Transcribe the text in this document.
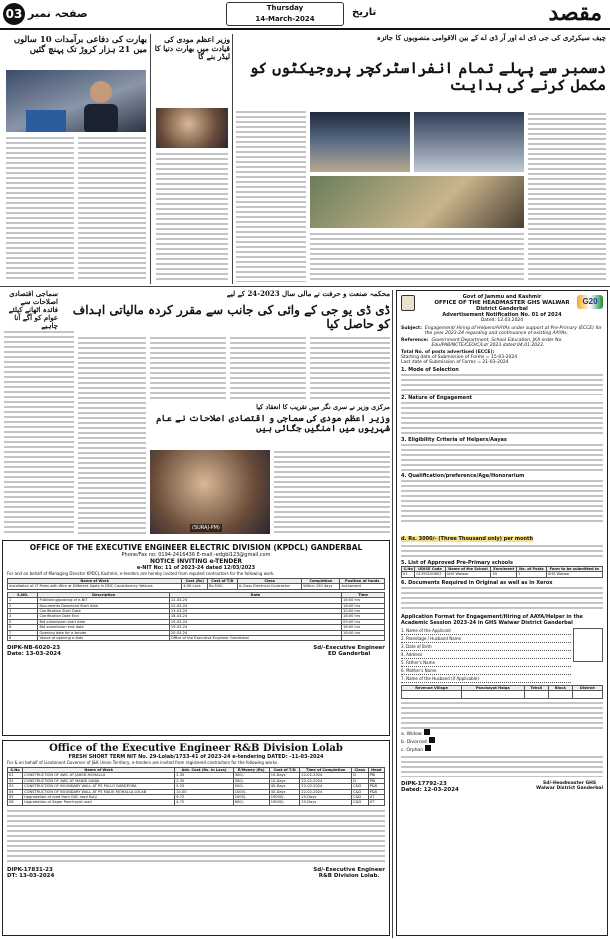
03 صفحہ نمبر	Thursday
14-March-2024
تاریخ	مقصد
بھارت کی دفاعی برآمدات 10 سالوں میں 21 ہزار کروڑ تک پہنچ گئیں
وزیر اعظم مودی کی قیادت میں بھارت دنیا کا لیڈر بنے گا
چیف سیکرٹری کی جی ڈی اے اور آر ڈی اے کے بین الاقوامی منصوبوں کا جائزہ
دسمبر سے پہلے تمام انفراسٹرکچر پروجیکٹوں کو مکمل کرنے کی ہدایت
محکمہ صنعت و حرفت نے مالی سال 2023-24 کے لیے
ڈی ڈی یو جی کے وائی کی جانب سے مقرر کردہ مالیاتی اہداف کو حاصل کیا
سماجی اقتصادی اصلاحات سے فائدہ اٹھانے کیلئے عوام کو آگے آنا چاہیے
مرکزی وزیر نے سری نگر میں تقریب کا انعقاد کیا
وزیر اعظم مودی کی سماجی و اقتصادی اصلاحات نے عام شہریوں میں امنگیں جگائی ہیں
(SURAJ-PM)
OFFICE OF THE EXECUTIVE ENGINEER ELECTRIC DIVISION (KPDCL) GANDERBAL
Phone/Fax no: 0194-2416436 E-mail:-edgbl123@gmail.com
NOTICE INVITING e-TENDER
e-NIT No: 11 of 2023-24 dated 12/03/2023
For and on behalf of Managing Director KPDCL Kashmir, e-tenders are hereby invited from reputed contractors for the following work.
Name of Work	Cost (Rs)	Cost of T/D	Class	Completion	Position of funds
Installation of LT Poles with Wire at Different Spots in DDC Constituency Wakura	4.90 Lacs	Rs.500/-	A-Class Electrical Contractor	Within 150 days	Authorized
S.NO.	Description	Date	Time
1	Publishing/posting of e-NIT	12-03-24	18:00 hrs
2	Documents Download Start date	12-03-24	18:00 hrs
3	Clarification Start Date	13-03-24	10:00 hrs
4	Clarification Date End	18-03-24	18:00 hrs
5	Bid submission start date	19-03-24	09:00 hrs
6	Bid submission end date	19-03-24	18:00 hrs
7	Opening date for e-tender	20-03-24	18:00 hrs
8	Venue of opening e-bids	Office of the Executive Engineer Ganderbal	
DIPK-NB-6020-23
Date: 13-03-2024
Sd/-Executive Engineer
ED Ganderbal
Office of the Executive Engineer R&B Division Lolab
FRESH SHORT TERM NIT No. 29-Lolab/1733-41 of 2023-24 e-tendering DATED: -11-03-2024
For & on behalf of Lieutenant Governor of J&K Union Territory, e-tenders are invited from registered contractors for the following works.
S.No	Name of Work	Adv. Cost (Rs. in Lacs)	E/Money (Rs)	Cost of T/D	Time of Completion	Class	Head
01	CONSTRUCTION OF AWC AT JAHED MOHALLA	2.35	300/-	10-Days	22-02-2024	D	PRI
02	CONSTRUCTION OF AWC AT MANDI SANJA	2.35	300/-	10-Days	22-02-2024	D	PRI
03	CONSTRUCTION OF BOUNDARY WALL AT PS PULLO DARDPORA	5.25	500/-	45-Days	22-02-2024	C&D	P&B
04	CONSTRUCTION OF BOUNDARY WALL AT PS MALIK MOHALLA LOLAB	10.00	1000/-	45-Days	22-02-2024	C&D	P&B
05	Upgradation of road from GAC road Kunj	9.72	1000/-	19000/-	25-Days	C&D	UT
06	Upgradation of Sagar Panchayat road	4.72	600/-	19000/-	25-Days	C&D	UT
DIPK-17831-23
DT: 13-03-2024
Sd/-Executive Engineer
R&B Division Lolab.
G20
Govt of Jammu and Kashmir
OFFICE OF THE HEADMASTER GHS WALWAR
District Ganderbal
Advertisement Notification No. 01 of 2024
Dated: 12.03.2024
Subject: Engagement/ Hiring of Helpers/AAYAs under support at Pre-Primary (ECCE) for the year 2023-24 regarding and continuance of existing AAYAs.
Reference: Government Department, School Education, JKA order No. Edu/PAB/NCTE/CEO/C/Ldr 2023 dated 04.01.2023.
Total No. of posts advertised (ECCE):
Starting date of Submission of Forms = 15-03-2024
Last date of Submission of Forms = 21-03-2024
1. Mode of Selection
2. Nature of Engagement
3. Eligibility Criteria of Helpers/Aayas
4. Qualification/preference/Age/Honorarium
d. Rs. 3000/- (Three Thousand only) per month
5. List of Approved Pre-Primary schools
S.No	UDISE Code	Name of the School	Enrolment	No. of Posts	Form to be submitted to
01	01393100802	GHS Walwar	34	1	GHS Walwar
6. Documents Required in Original as well as in Xerox
Application Format for Engagement/Hiring of AAYA/Helper in the Academic Session 2023-24 in GHS Walwar District Ganderbal
1. Name of the Applicant
2. Parentage / Husband Name
3. Date of Birth
4. Address
5. Father's Name
6. Mother's Name
7. Name of the Husband (if Applicable)
Revenue Village	Panchayat Halqa	Tehsil	Block	District

a. Widow
b. Divorced
c. Orphan
DIPK-17792-23
Dated: 12-03-2024
Sd/-Headmaster GHS
Walwar District Ganderbal
